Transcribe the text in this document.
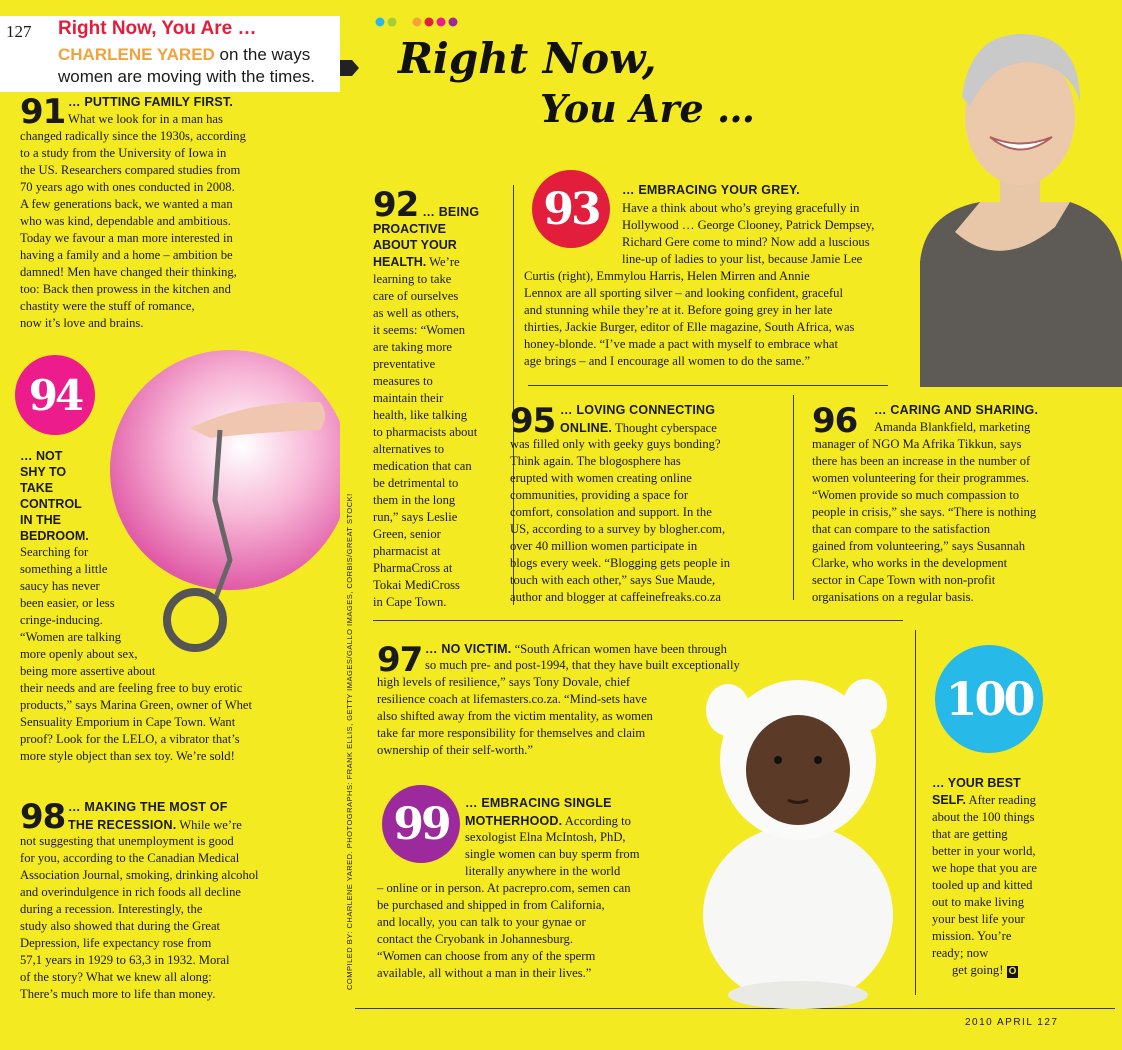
127 Right Now, You Are …
CHARLENE YARED on the ways
women are moving with the times. Right Now,
You Are …
91 … PUTTING FAMILY FIRST.

What we look for in a man has

changed radically since the 1930s, according

to a study from the University of Iowa in

the US. Researchers compared studies from

70 years ago with ones conducted in 2008.

A few generations back, we wanted a man

who was kind, dependable and ambitious.

Today we favour a man more interested in

having a family and a home – ambition be

damned! Men have changed their thinking,

too: Back then prowess in the kitchen and

chastity were the stuff of romance,

now it’s love and brains.

94
… NOT
SHY TO
TAKE
CONTROL
IN THE
BEDROOM.

Searching for

something a little

saucy has never

been easier, or less

cringe-inducing.

“Women are talking

more openly about sex,

being more assertive about

their needs and are feeling free to buy erotic

products,” says Marina Green, owner of Whet

Sensuality Emporium in Cape Town. Want

proof? Look for the LELO, a vibrator that’s

more style object than sex toy. We’re sold!

98 … MAKING THE MOST OF
THE RECESSION. While we’re

not suggesting that unemployment is good

for you, according to the Canadian Medical

Association Journal, smoking, drinking alcohol

and overindulgence in rich foods all decline

during a recession. Interestingly, the

study also showed that during the Great

Depression, life expectancy rose from

57,1 years in 1929 to 63,3 in 1932. Moral

of the story? What we knew all along:

There’s much more to life than money.

COMPILED BY: CHARLENE YARED. PHOTOGRAPHS: FRANK ELLIS, GETTY IMAGES/GALLO IMAGES, CORBIS/GREAT STOCK!
92 … BEING
PROACTIVE
ABOUT YOUR
HEALTH. We’re

learning to take

care of ourselves

as well as others,

it seems: “Women

are taking more

preventative

measures to

maintain their

health, like talking

to pharmacists about

alternatives to

medication that can

be detrimental to

them in the long

run,” says Leslie

Green, senior

pharmacist at

PharmaCross at

Tokai MediCross

in Cape Town.

93 … EMBRACING YOUR GREY.

Have a think about who’s greying gracefully in

Hollywood … George Clooney, Patrick Dempsey,

Richard Gere come to mind? Now add a luscious

line-up of ladies to your list, because Jamie Lee

Curtis (right), Emmylou Harris, Helen Mirren and Annie

Lennox are all sporting silver – and looking confident, graceful

and stunning while they’re at it. Before going grey in her late

thirties, Jackie Burger, editor of Elle magazine, South Africa, was

honey-blonde. “I’ve made a pact with myself to embrace what

age brings – and I encourage all women to do the same.”

95 … LOVING CONNECTING
ONLINE. Thought cyberspace

was filled only with geeky guys bonding?

Think again. The blogosphere has

erupted with women creating online

communities, providing a space for

comfort, consolation and support. In the

US, according to a survey by blogher.com,

over 40 million women participate in

blogs every week. “Blogging gets people in

touch with each other,” says Sue Maude,

author and blogger at caffeinefreaks.co.za

96 … CARING AND SHARING.

Amanda Blankfield, marketing

manager of NGO Ma Afrika Tikkun, says

there has been an increase in the number of

women volunteering for their programmes.

“Women provide so much compassion to

people in crisis,” she says. “There is nothing

that can compare to the satisfaction

gained from volunteering,” says Susannah

Clarke, who works in the development

sector in Cape Town with non-profit

organisations on a regular basis.

97 … NO VICTIM. “South African women have been through

so much pre- and post-1994, that they have built exceptionally

high levels of resilience,” says Tony Dovale, chief

resilience coach at lifemasters.co.za. “Mind-sets have

also shifted away from the victim mentality, as women

take far more responsibility for themselves and claim

ownership of their self-worth.”

99 … EMBRACING SINGLE
MOTHERHOOD. According to

sexologist Elna McIntosh, PhD,

single women can buy sperm from

literally anywhere in the world

– online or in person. At pacrepro.com, semen can

be purchased and shipped in from California,

and locally, you can talk to your gynae or

contact the Cryobank in Johannesburg.

“Women can choose from any of the sperm

available, all without a man in their lives.”

100
… YOUR BEST
SELF. After reading

about the 100 things

that are getting

better in your world,

we hope that you are

tooled up and kitted

out to make living

your best life your

mission. You’re

ready; now

get going! O

2010 APRIL 127
